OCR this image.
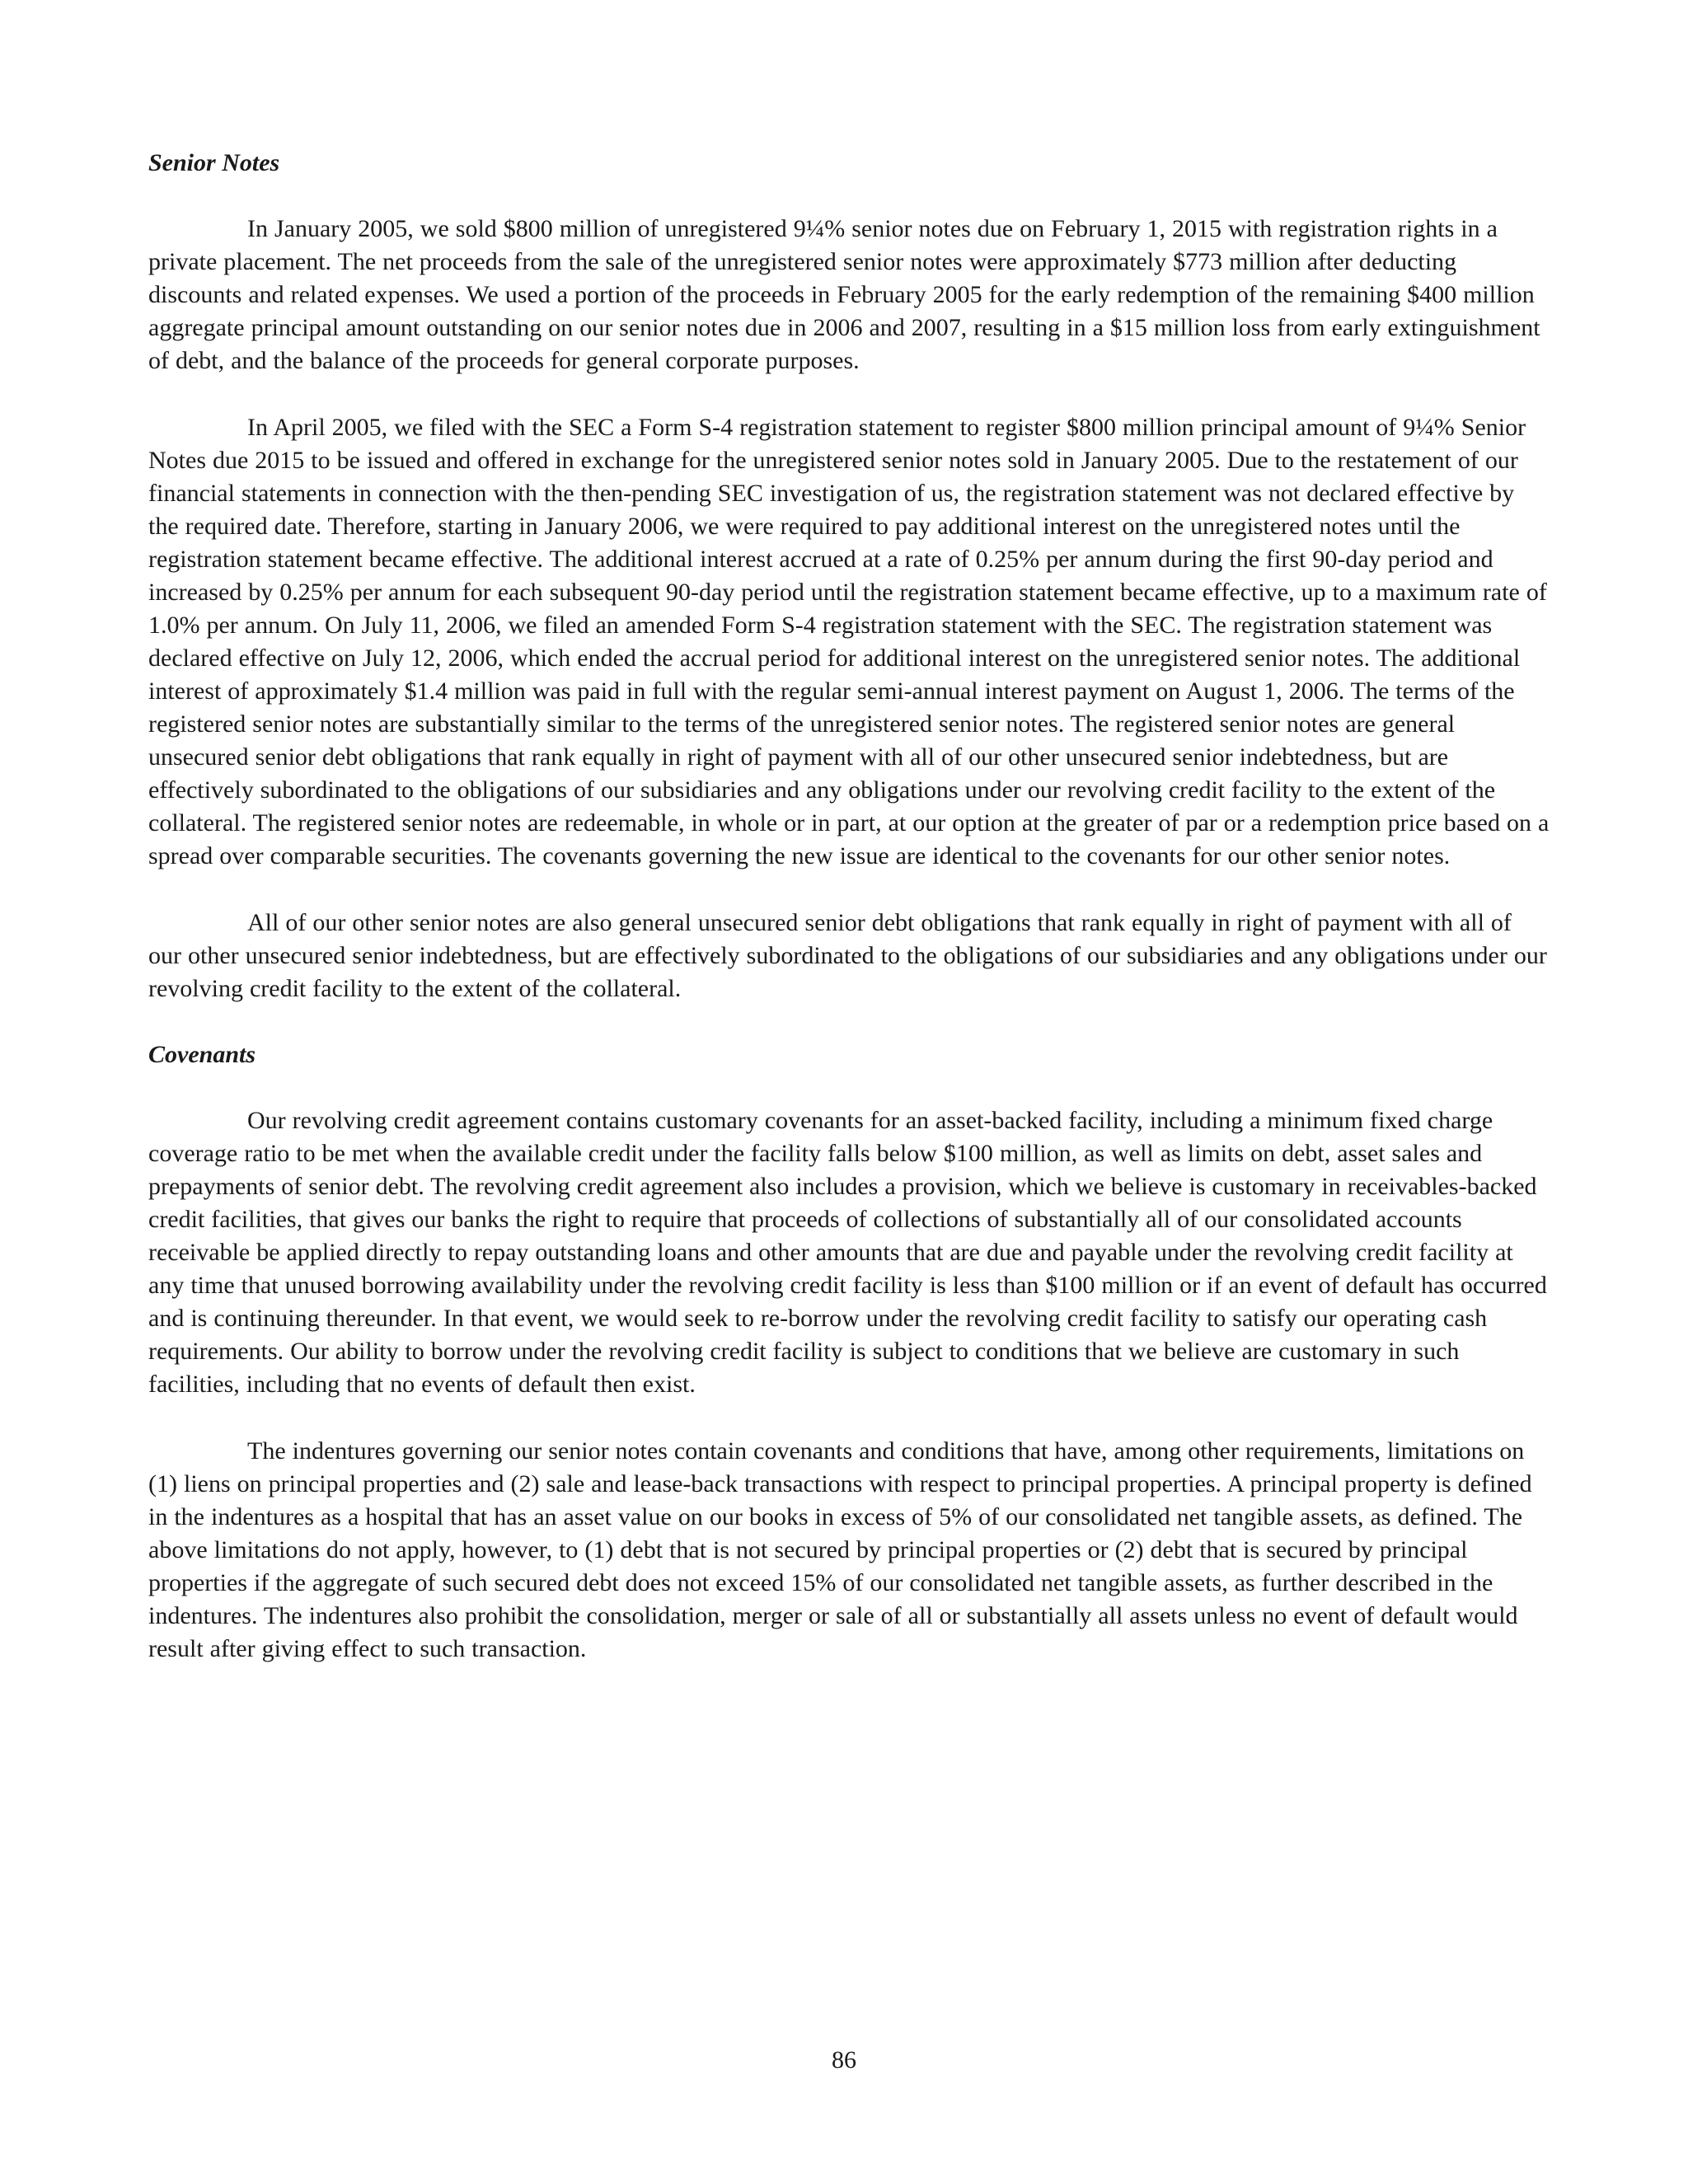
Senior Notes

In January 2005, we sold $800 million of unregistered 9¼% senior notes due on February 1, 2015 with registration rights in a private placement. The net proceeds from the sale of the unregistered senior notes were approximately $773 million after deducting discounts and related expenses. We used a portion of the proceeds in February 2005 for the early redemption of the remaining $400 million aggregate principal amount outstanding on our senior notes due in 2006 and 2007, resulting in a $15 million loss from early extinguishment of debt, and the balance of the proceeds for general corporate purposes.

In April 2005, we filed with the SEC a Form S-4 registration statement to register $800 million principal amount of 9¼% Senior Notes due 2015 to be issued and offered in exchange for the unregistered senior notes sold in January 2005. Due to the restatement of our financial statements in connection with the then-pending SEC investigation of us, the registration statement was not declared effective by the required date. Therefore, starting in January 2006, we were required to pay additional interest on the unregistered notes until the registration statement became effective. The additional interest accrued at a rate of 0.25% per annum during the first 90-day period and increased by 0.25% per annum for each subsequent 90-day period until the registration statement became effective, up to a maximum rate of 1.0% per annum. On July 11, 2006, we filed an amended Form S-4 registration statement with the SEC. The registration statement was declared effective on July 12, 2006, which ended the accrual period for additional interest on the unregistered senior notes. The additional interest of approximately $1.4 million was paid in full with the regular semi-annual interest payment on August 1, 2006. The terms of the registered senior notes are substantially similar to the terms of the unregistered senior notes. The registered senior notes are general unsecured senior debt obligations that rank equally in right of payment with all of our other unsecured senior indebtedness, but are effectively subordinated to the obligations of our subsidiaries and any obligations under our revolving credit facility to the extent of the collateral. The registered senior notes are redeemable, in whole or in part, at our option at the greater of par or a redemption price based on a spread over comparable securities. The covenants governing the new issue are identical to the covenants for our other senior notes.

All of our other senior notes are also general unsecured senior debt obligations that rank equally in right of payment with all of our other unsecured senior indebtedness, but are effectively subordinated to the obligations of our subsidiaries and any obligations under our revolving credit facility to the extent of the collateral.

Covenants

Our revolving credit agreement contains customary covenants for an asset-backed facility, including a minimum fixed charge coverage ratio to be met when the available credit under the facility falls below $100 million, as well as limits on debt, asset sales and prepayments of senior debt. The revolving credit agreement also includes a provision, which we believe is customary in receivables-backed credit facilities, that gives our banks the right to require that proceeds of collections of substantially all of our consolidated accounts receivable be applied directly to repay outstanding loans and other amounts that are due and payable under the revolving credit facility at any time that unused borrowing availability under the revolving credit facility is less than $100 million or if an event of default has occurred and is continuing thereunder. In that event, we would seek to re-borrow under the revolving credit facility to satisfy our operating cash requirements. Our ability to borrow under the revolving credit facility is subject to conditions that we believe are customary in such facilities, including that no events of default then exist.

The indentures governing our senior notes contain covenants and conditions that have, among other requirements, limitations on (1) liens on principal properties and (2) sale and lease-back transactions with respect to principal properties. A principal property is defined in the indentures as a hospital that has an asset value on our books in excess of 5% of our consolidated net tangible assets, as defined. The above limitations do not apply, however, to (1) debt that is not secured by principal properties or (2) debt that is secured by principal properties if the aggregate of such secured debt does not exceed 15% of our consolidated net tangible assets, as further described in the indentures. The indentures also prohibit the consolidation, merger or sale of all or substantially all assets unless no event of default would result after giving effect to such transaction.

86
